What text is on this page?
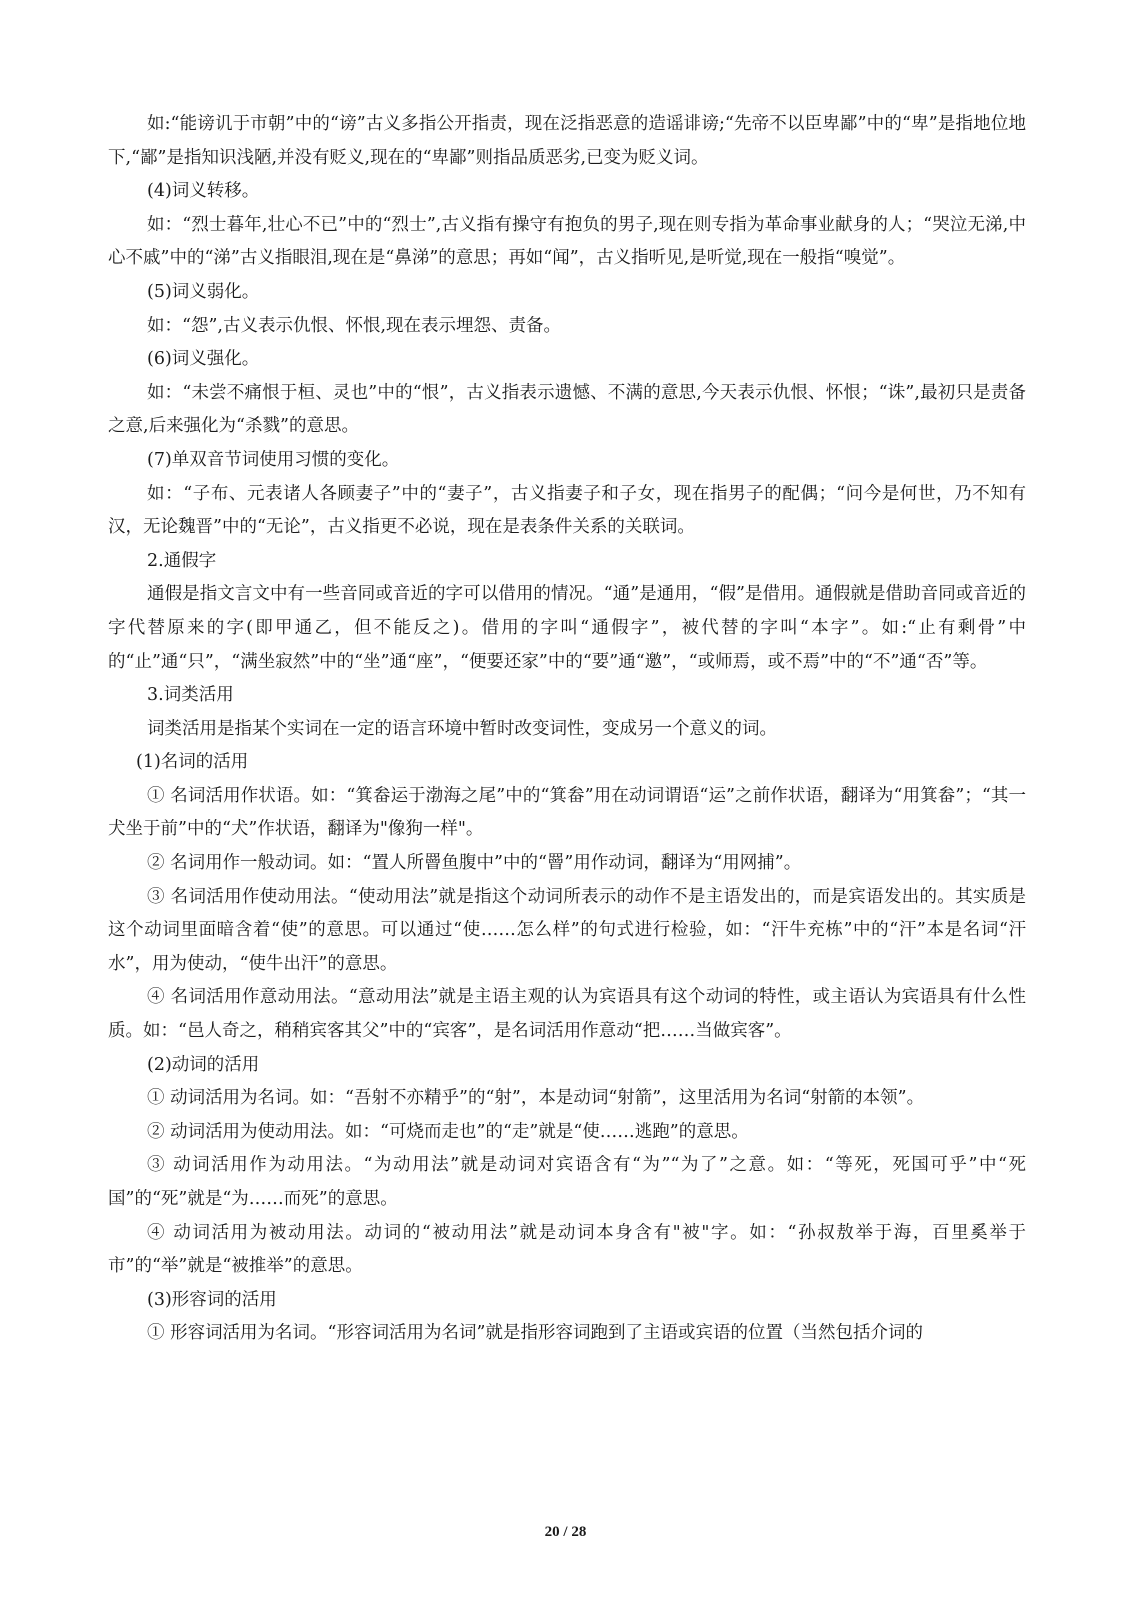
如:“能谤讥于市朝”中的“谤”古义多指公开指责，现在泛指恶意的造谣诽谤;“先帝不以臣卑鄙”中的“卑”是指地位地下,“鄙”是指知识浅陋,并没有贬义,现在的“卑鄙”则指品质恶劣,已变为贬义词。

(4)词义转移。

如：“烈士暮年,壮心不已”中的“烈士”,古义指有操守有抱负的男子,现在则专指为革命事业献身的人；“哭泣无涕,中心不戚”中的“涕”古义指眼泪,现在是“鼻涕”的意思；再如“闻”，古义指听见,是听觉,现在一般指“嗅觉”。

(5)词义弱化。

如：“怨”,古义表示仇恨、怀恨,现在表示埋怨、责备。

(6)词义强化。

如：“未尝不痛恨于桓、灵也”中的“恨”，古义指表示遗憾、不满的意思,今天表示仇恨、怀恨；“诛”,最初只是责备之意,后来强化为“杀戮”的意思。

(7)单双音节词使用习惯的变化。

如：“子布、元表诸人各顾妻子”中的“妻子”，古义指妻子和子女，现在指男子的配偶；“问今是何世，乃不知有汉，无论魏晋”中的“无论”，古义指更不必说，现在是表条件关系的关联词。

2.通假字

通假是指文言文中有一些音同或音近的字可以借用的情况。“通”是通用，“假”是借用。通假就是借助音同或音近的字代替原来的字(即甲通乙，但不能反之)。借用的字叫“通假字”，被代替的字叫“本字”。如:“止有剩骨”中的“止”通“只”，“满坐寂然”中的“坐”通“座”，“便要还家”中的“要”通“邀”，“或师焉，或不焉”中的“不”通“否”等。

3.词类活用

词类活用是指某个实词在一定的语言环境中暂时改变词性，变成另一个意义的词。

(1)名词的活用

① 名词活用作状语。如：“箕畚运于渤海之尾”中的“箕畚”用在动词谓语“运”之前作状语，翻译为“用箕畚”；“其一犬坐于前”中的“犬”作状语，翻译为"像狗一样"。

② 名词用作一般动词。如：“置人所罾鱼腹中”中的“罾”用作动词，翻译为“用网捕”。

③ 名词活用作使动用法。“使动用法”就是指这个动词所表示的动作不是主语发出的，而是宾语发出的。其实质是这个动词里面暗含着“使”的意思。可以通过“使……怎么样”的句式进行检验，如：“汗牛充栋”中的“汗”本是名词“汗水”，用为使动，“使牛出汗”的意思。

④ 名词活用作意动用法。“意动用法”就是主语主观的认为宾语具有这个动词的特性，或主语认为宾语具有什么性质。如：“邑人奇之，稍稍宾客其父”中的“宾客”，是名词活用作意动“把……当做宾客”。

(2)动词的活用

① 动词活用为名词。如：“吾射不亦精乎”的“射”，本是动词“射箭”，这里活用为名词“射箭的本领”。

② 动词活用为使动用法。如：“可烧而走也”的“走”就是“使……逃跑”的意思。

③ 动词活用作为动用法。“为动用法”就是动词对宾语含有“为”“为了”之意。如：“等死，死国可乎”中“死国”的“死”就是“为……而死”的意思。

④ 动词活用为被动用法。动词的“被动用法”就是动词本身含有"被"字。如：“孙叔敖举于海，百里奚举于市”的“举”就是“被推举”的意思。

(3)形容词的活用

① 形容词活用为名词。“形容词活用为名词”就是指形容词跑到了主语或宾语的位置（当然包括介词的

20 / 28
